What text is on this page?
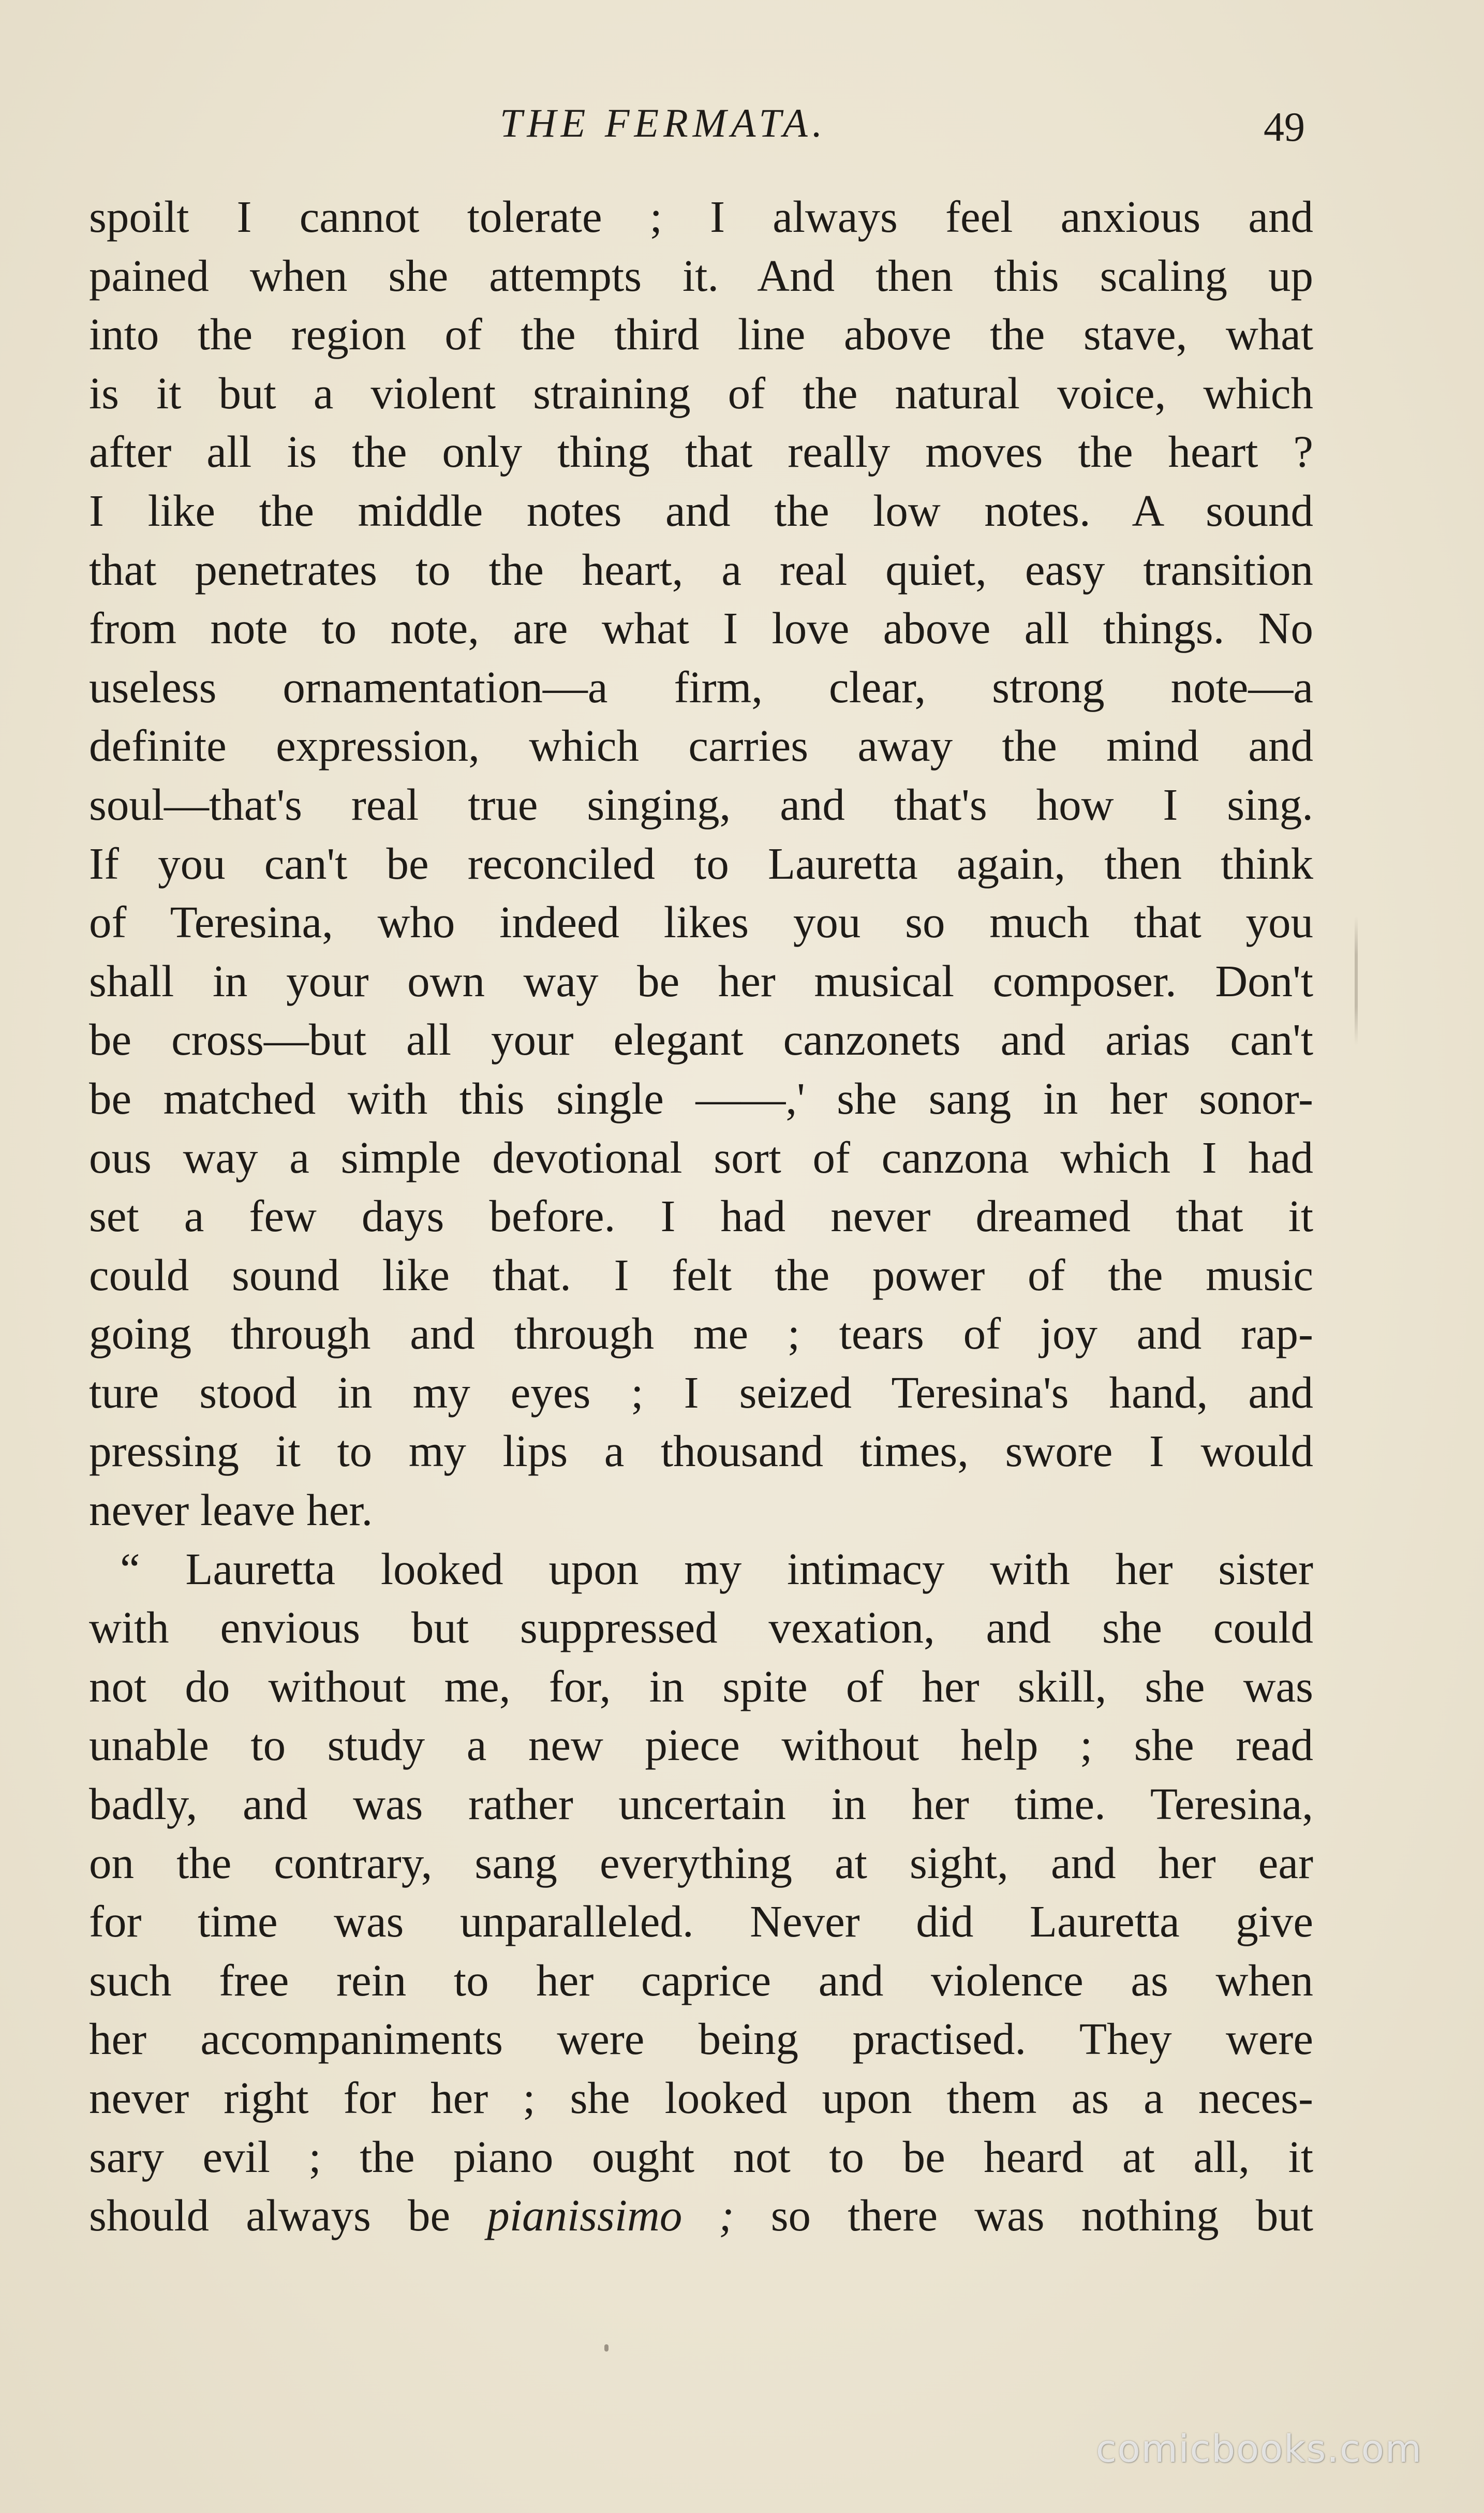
THE FERMATA.	49
spoilt I cannot tolerate ; I always feel anxious and
pained when she attempts it. And then this scaling up
into the region of the third line above the stave, what
is it but a violent straining of the natural voice, which
after all is the only thing that really moves the heart ?
I like the middle notes and the low notes. A sound
that penetrates to the heart, a real quiet, easy transition
from note to note, are what I love above all things. No
useless ornamentation—a firm, clear, strong note—a
definite expression, which carries away the mind and
soul—that's real true singing, and that's how I sing.
If you can't be reconciled to Lauretta again, then think
of Teresina, who indeed likes you so much that you
shall in your own way be her musical composer. Don't
be cross—but all your elegant canzonets and arias can't
be matched with this single ——,' she sang in her sonor-
ous way a simple devotional sort of canzona which I had
set a few days before. I had never dreamed that it
could sound like that. I felt the power of the music
going through and through me ; tears of joy and rap-
ture stood in my eyes ; I seized Teresina's hand, and
pressing it to my lips a thousand times, swore I would
never leave her.
“ Lauretta looked upon my intimacy with her sister
with envious but suppressed vexation, and she could
not do without me, for, in spite of her skill, she was
unable to study a new piece without help ; she read
badly, and was rather uncertain in her time. Teresina,
on the contrary, sang everything at sight, and her ear
for time was unparalleled. Never did Lauretta give
such free rein to her caprice and violence as when
her accompaniments were being practised. They were
never right for her ; she looked upon them as a neces-
sary evil ; the piano ought not to be heard at all, it
should always be pianissimo ; so there was nothing but
comicbooks.com
